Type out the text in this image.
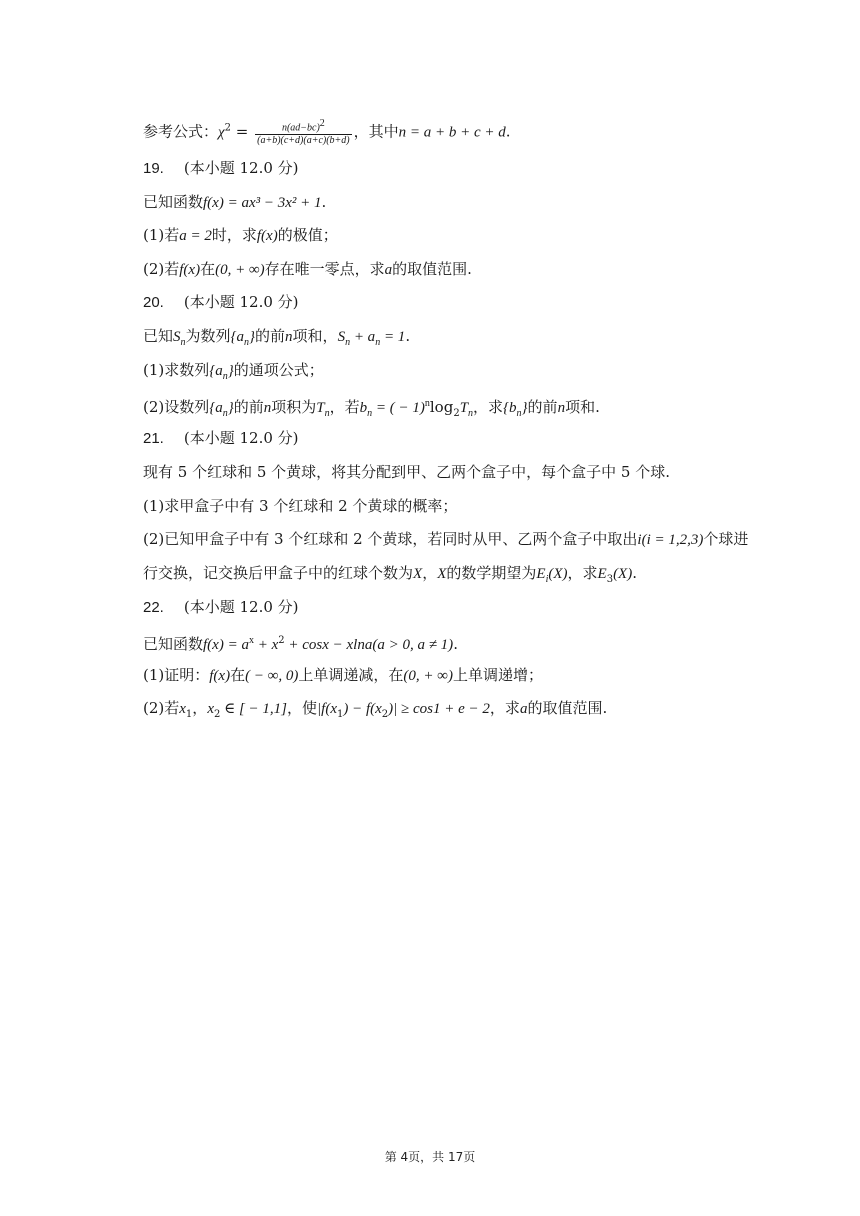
参考公式：$\chi^2 = \frac{n(ad-bc)2}{(a+b)(c+d)(a+c)(b+d)}$ ，其中n = a + b + c + d.
19. (本小题 12.0 分)
已知函数f(x) = ax³ − 3x² + 1.
(1)若a = 2时，求f(x)的极值；
(2)若f(x)在(0, + ∞)存在唯一零点，求a的取值范围.
20. (本小题 12.0 分)
已知$S_n$为数列$\{a_n\}$的前n项和，$S_n + a_n = 1$.
(1)求数列$\{a_n\}$的通项公式；
(2)设数列$\{a_n\}$的前n项积为$T_n$，若$b_n$ = ( − $1)^n\log_2T_n$，求$\{b_n\}$的前n项和.
21. (本小题 12.0 分)
现有 5 个红球和 5 个黄球，将其分配到甲、乙两个盒子中，每个盒子中 5 个球.
(1)求甲盒子中有 3 个红球和 2 个黄球的概率；
(2)已知甲盒子中有 3 个红球和 2 个黄球，若同时从甲、乙两个盒子中取出i(i = 1,2,3)个球进
行交换，记交换后甲盒子中的红球个数为X，X的数学期望为$E_i(X)$，求$E_3(X)$.
22. (本小题 12.0 分)
已知函数$f(x) = a^x + x^2 + \cos x - xlna(a > 0$, a ≠ 1).
(1)证明：f(x)在( − ∞, 0)上单调递减，在(0, + ∞)上单调递增；
(2)若$x_1$，$x_2$ ∈ [ − 1,1]，使$|f(x_1) - f(x_2)| \ge \cos 1 + e - 2$，求a的取值范围.
第 4页，共 17页
